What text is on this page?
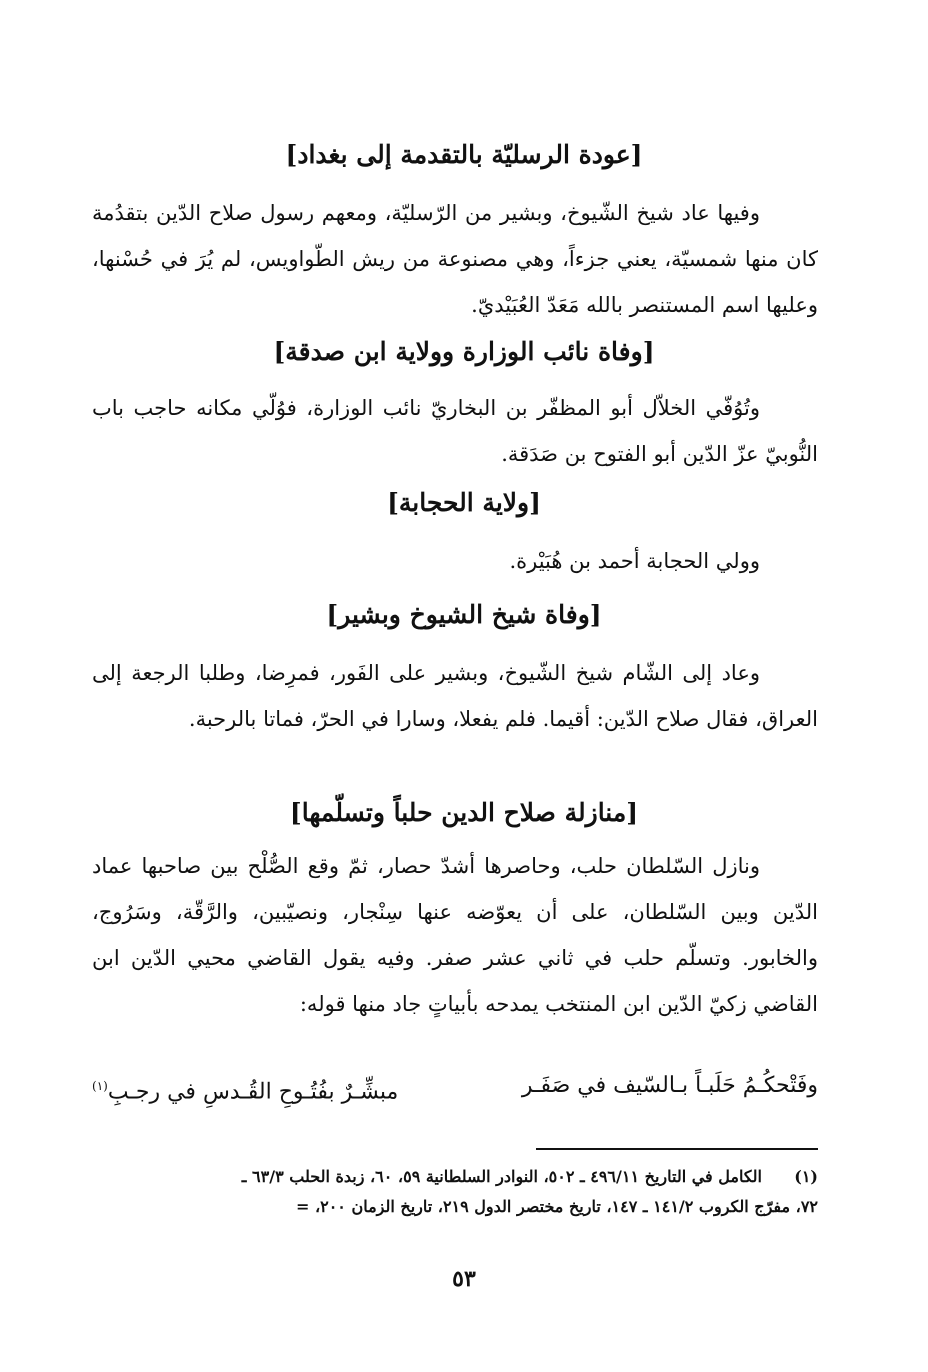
[عودة الرسليّة بالتقدمة إلى بغداد]
وفيها عاد شيخ الشّيوخ، وبشير من الرّسليّة، ومعهم رسول صلاح الدّين بتقدُمة كان منها شمسيّة، يعني جزءاً، وهي مصنوعة من ريش الطّواويس، لم يُرَ في حُسْنها، وعليها اسم المستنصر بالله مَعَدّ العُبَيْديّ.
[وفاة نائب الوزارة وولاية ابن صدقة]
وتُوُفّي الخلاّل أبو المظفّر بن البخاريّ نائب الوزارة، فوُلّي مكانه حاجب باب النُّوبيّ عزّ الدّين أبو الفتوح بن صَدَقة.
[ولاية الحجابة]
وولي الحجابة أحمد بن هُبَيْرة.
[وفاة شيخ الشيوخ وبشير]
وعاد إلى الشّام شيخ الشّيوخ، وبشير على الفَور، فمرِضا، وطلبا الرجعة إلى العراق، فقال صلاح الدّين: أقيما. فلم يفعلا، وسارا في الحرّ، فماتا بالرحبة.
[منازلة صلاح الدين حلباً وتسلّمها]
ونازل السّلطان حلب، وحاصرها أشدّ حصار، ثمّ وقع الصُّلْح بين صاحبها عماد الدّين وبين السّلطان، على أن يعوّضه عنها سِنْجار، ونصيّبين، والرَّقّة، وسَرُوج، والخابور. وتسلّم حلب في ثاني عشر صفر. وفيه يقول القاضي محيي الدّين ابن القاضي زكيّ الدّين ابن المنتخب يمدحه بأبياتٍ جاد منها قوله:
وفَتْحكُـمُ حَلَبـاً بـالسّيف في صَفَـر
مبشِّـرٌ بفُتُـوحِ القُـدسِ في رجـبِ$^{(١)}$
(١)الكامل في التاريخ ٤٩٦/١١ ـ ٥٠٢، النوادر السلطانية ٥٩، ٦٠، زبدة الحلب ٦٣/٣ ـ
٧٢، مفرّج الكروب ١٤١/٢ ـ ١٤٧، تاريخ مختصر الدول ٢١٩، تاريخ الزمان ٢٠٠، =
٥٣
